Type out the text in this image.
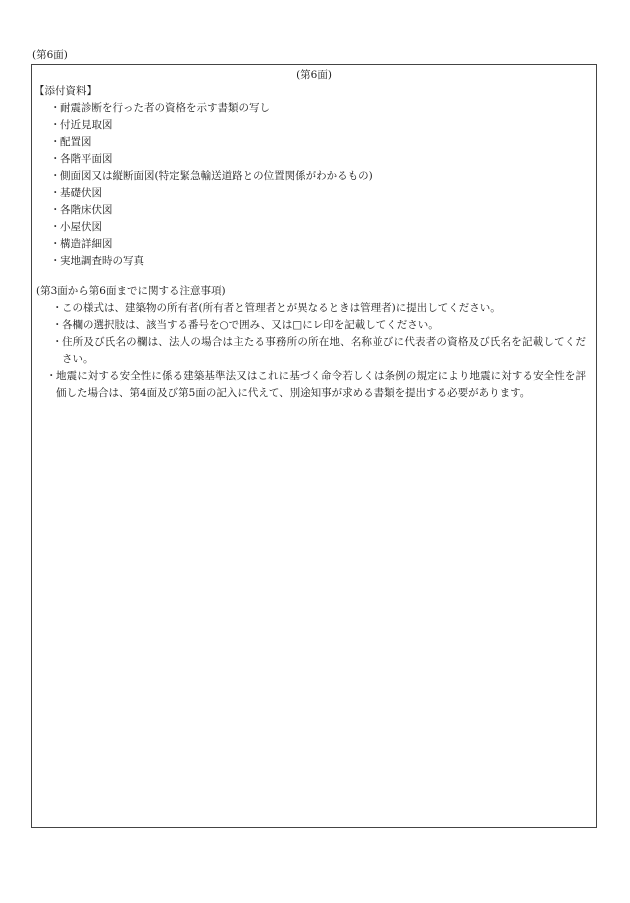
(第6面)
(第6面)

【添付資料】

・ 耐震診断を行った者の資格を示す書類の写し
・ 付近見取図
・ 配置図
・ 各階平面図
・ 側面図又は縦断面図(特定緊急輸送道路との位置関係がわかるもの)
・ 基礎伏図
・ 各階床伏図
・ 小屋伏図
・ 構造詳細図
・ 実地調査時の写真

(第3面から第6面までに関する注意事項)

・ この様式は、建築物の所有者(所有者と管理者とが異なるときは管理者)に提出してください。
・ 各欄の選択肢は、該当する番号を○で囲み、又は□にレ印を記載してください。
・ 住所及び氏名の欄は、法人の場合は主たる事務所の所在地、名称並びに代表者の資格及び氏名を記載してください。
・ 地震に対する安全性に係る建築基準法又はこれに基づく命令若しくは条例の規定により地震に対する安全性を評価した場合は、第4面及び第5面の記入に代えて、別途知事が求める書類を提出する必要があります。
